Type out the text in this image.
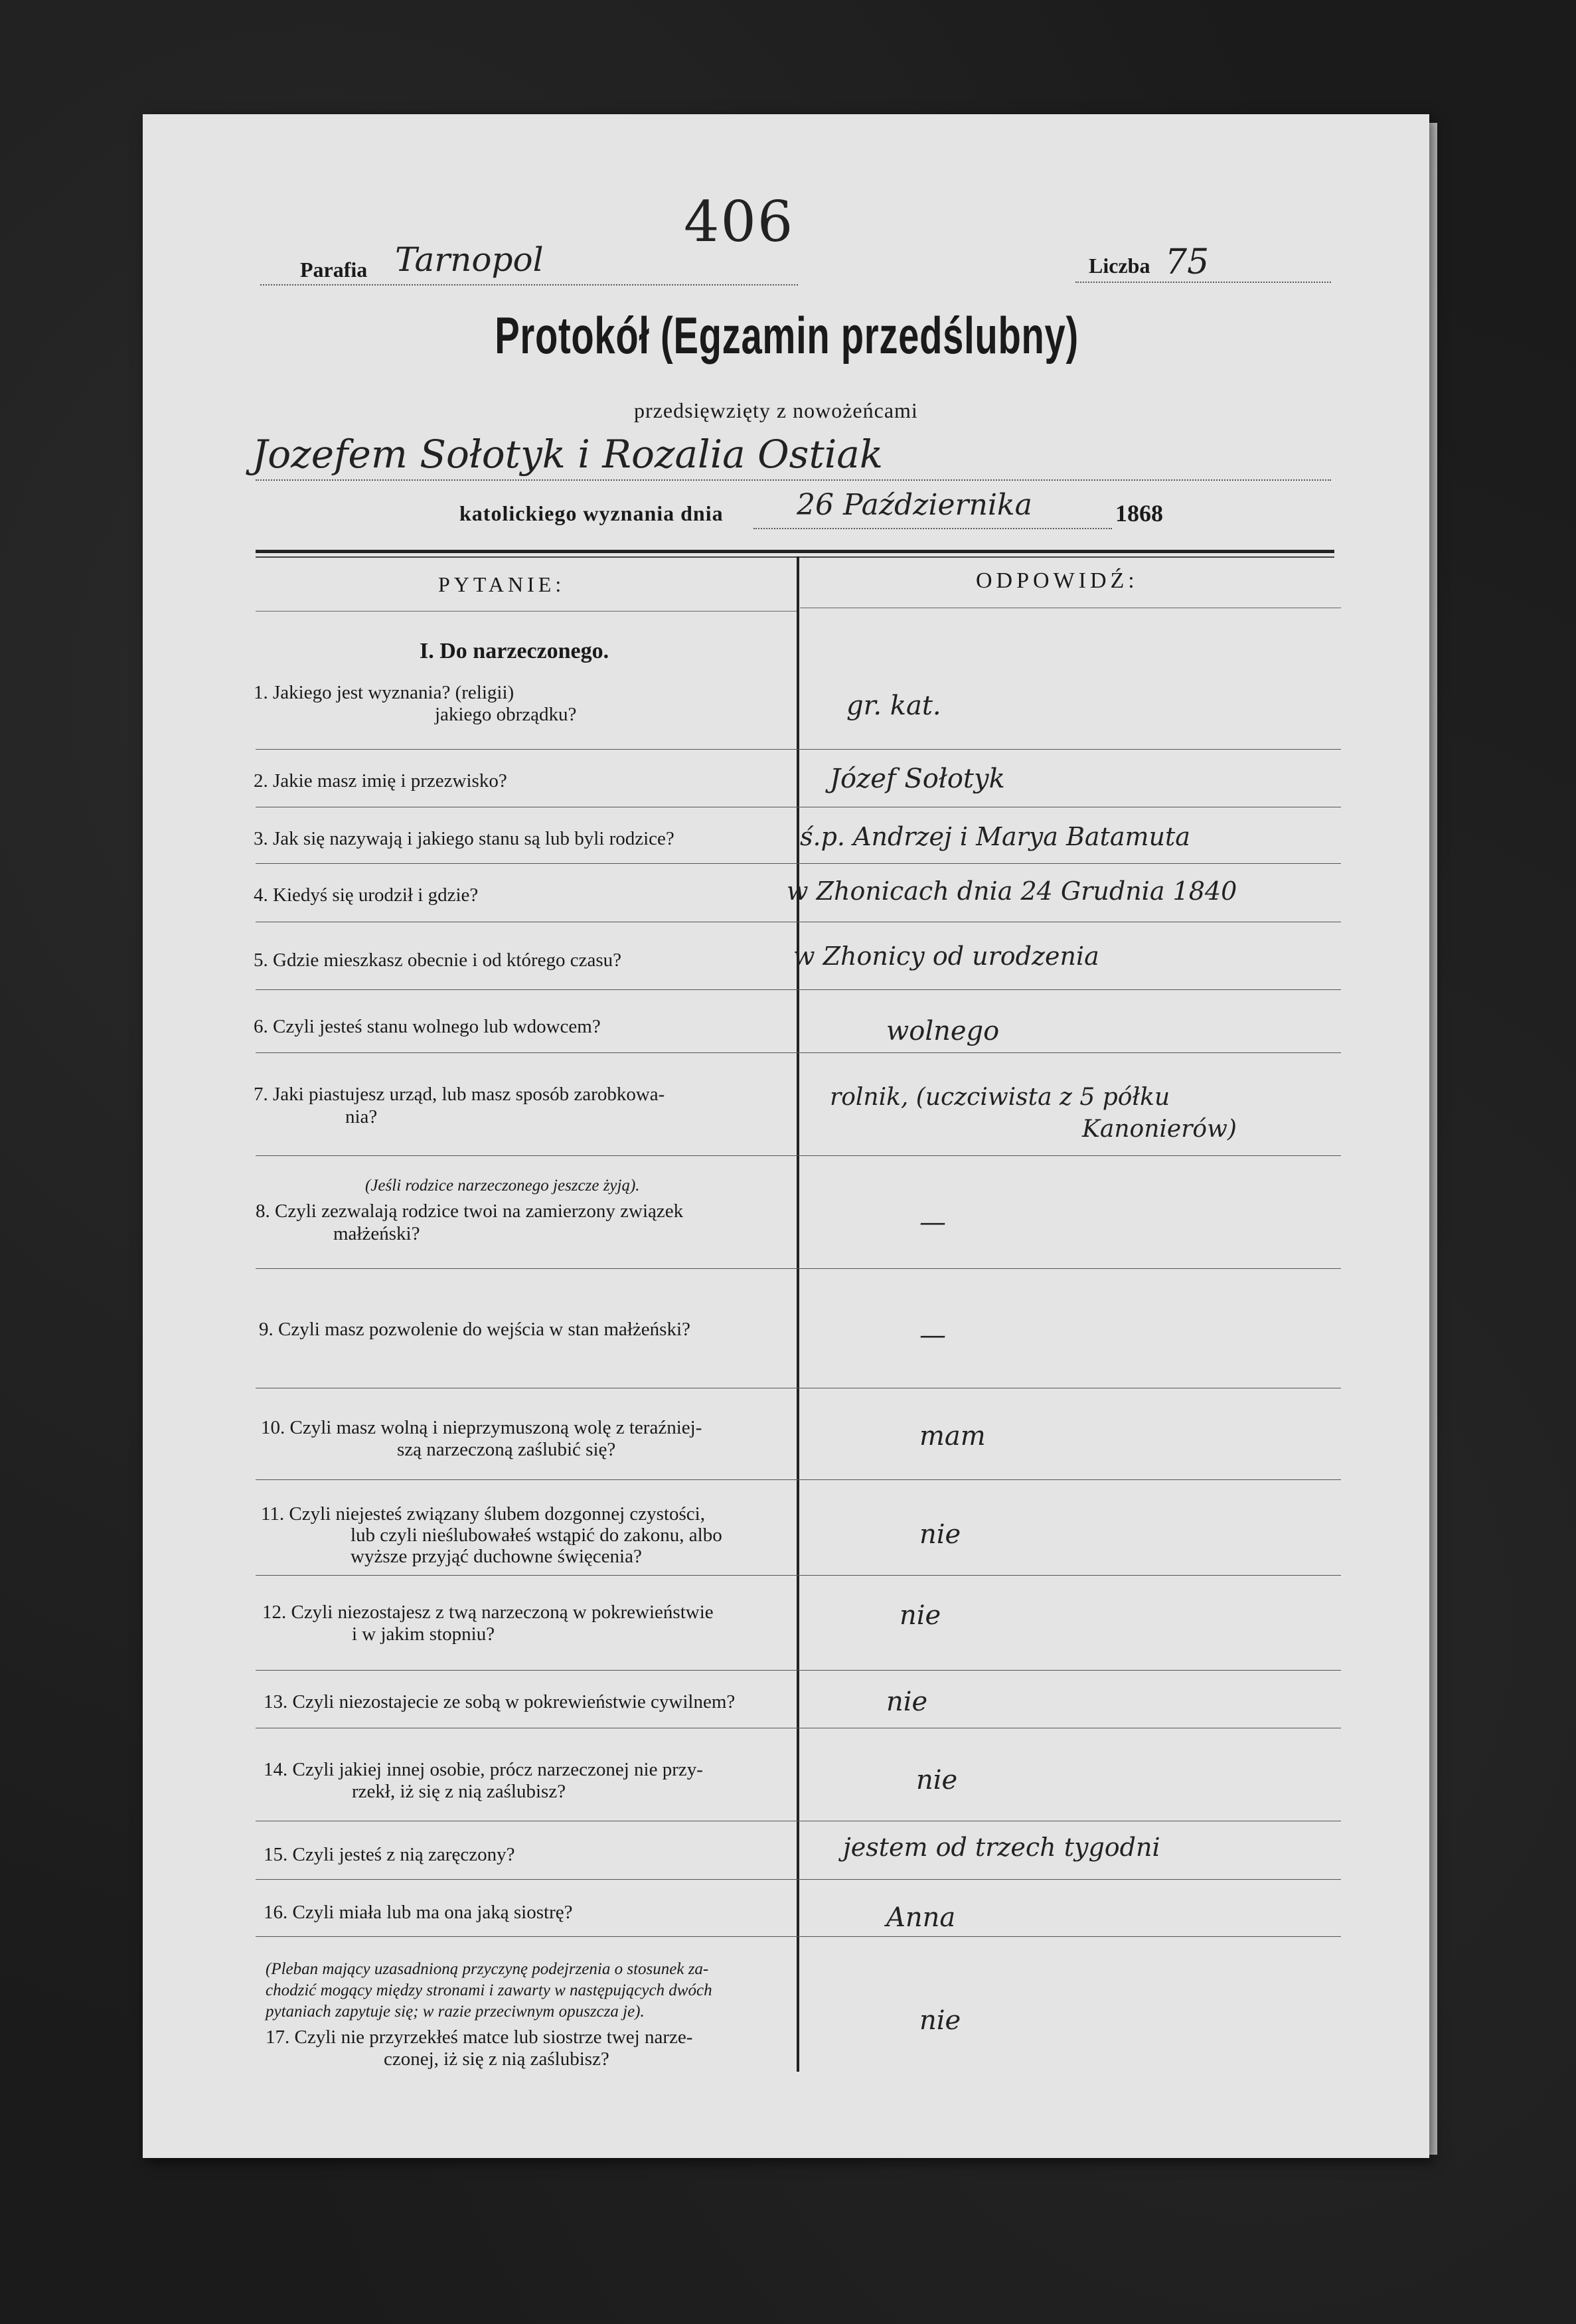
406
Parafia Tarnopol	Liczba 75
Protokół (Egzamin przedślubny)
przedsięwzięty z nowożeńcami
Jozefem Sołotyk i Rozalia Ostiak
katolickiego wyznania dnia	26 Października	1868
PYTANIE:	ODPOWIDŹ:
I. Do narzeczonego.
1. Jakiego jest wyznania? (religii)
jakiego obrządku?	gr. kat.
2. Jakie masz imię i przezwisko?	Józef Sołotyk
3. Jak się nazywają i jakiego stanu są lub byli rodzice?	ś.p. Andrzej i Marya Batamuta
4. Kiedyś się urodził i gdzie?	w Zhonicach dnia 24 Grudnia 1840
5. Gdzie mieszkasz obecnie i od którego czasu?	w Zhonicy od urodzenia
6. Czyli jesteś stanu wolnego lub wdowcem?	wolnego
7. Jaki piastujesz urząd, lub masz sposób zarobkowa-
nia?
rolnik, (uczciwista z 5 półku
Kanonierów)
(Jeśli rodzice narzeczonego jeszcze żyją).
8. Czyli zezwalają rodzice twoi na zamierzony związek
małżeński?	—
9. Czyli masz pozwolenie do wejścia w stan małżeński?	—
10. Czyli masz wolną i nieprzymuszoną wolę z teraźniej-
szą narzeczoną zaślubić się?	mam
11. Czyli niejesteś związany ślubem dozgonnej czystości,
lub czyli nieślubowałeś wstąpić do zakonu, albo
wyższe przyjąć duchowne święcenia?
nie
12. Czyli niezostajesz z twą narzeczoną w pokrewieństwie
i w jakim stopniu?
nie
13. Czyli niezostajecie ze sobą w pokrewieństwie cywilnem?	nie
14. Czyli jakiej innej osobie, prócz narzeczonej nie przy-
rzekł, iż się z nią zaślubisz?	nie
15. Czyli jesteś z nią zaręczony?	jestem od trzech tygodni
16. Czyli miała lub ma ona jaką siostrę?	Anna
(Pleban mający uzasadnioną przyczynę podejrzenia o stosunek za-
chodzić mogący między stronami i zawarty w następujących dwóch
pytaniach zapytuje się; w razie przeciwnym opuszcza je).
17. Czyli nie przyrzekłeś matce lub siostrze twej narze-
czonej, iż się z nią zaślubisz?
nie
